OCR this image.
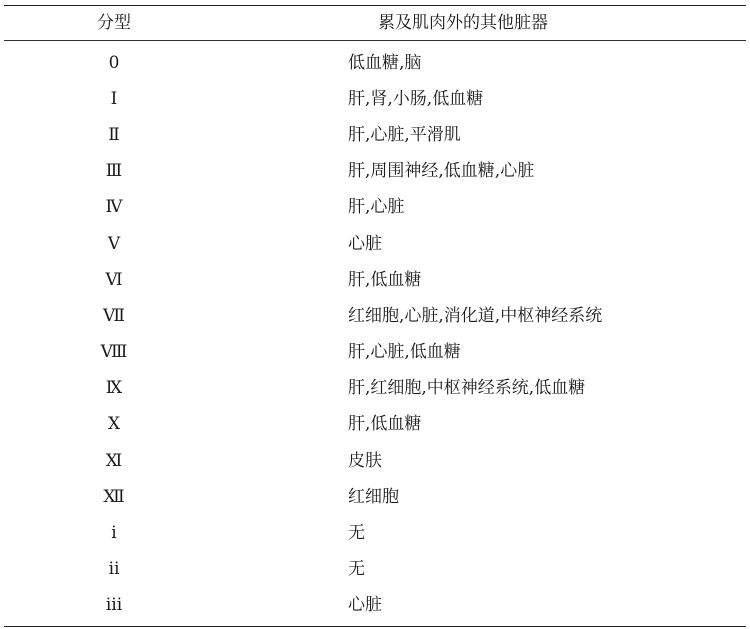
分型	累及肌肉外的其他脏器
0	低血糖,脑
Ⅰ	肝,肾,小肠,低血糖
Ⅱ	肝,心脏,平滑肌
Ⅲ	肝,周围神经,低血糖,心脏
Ⅳ	肝,心脏
Ⅴ	心脏
Ⅵ	肝,低血糖
Ⅶ	红细胞,心脏,消化道,中枢神经系统
Ⅷ	肝,心脏,低血糖
Ⅸ	肝,红细胞,中枢神经系统,低血糖
Ⅹ	肝,低血糖
Ⅺ	皮肤
Ⅻ	红细胞
ⅰ	无
ⅱ	无
ⅲ	心脏
